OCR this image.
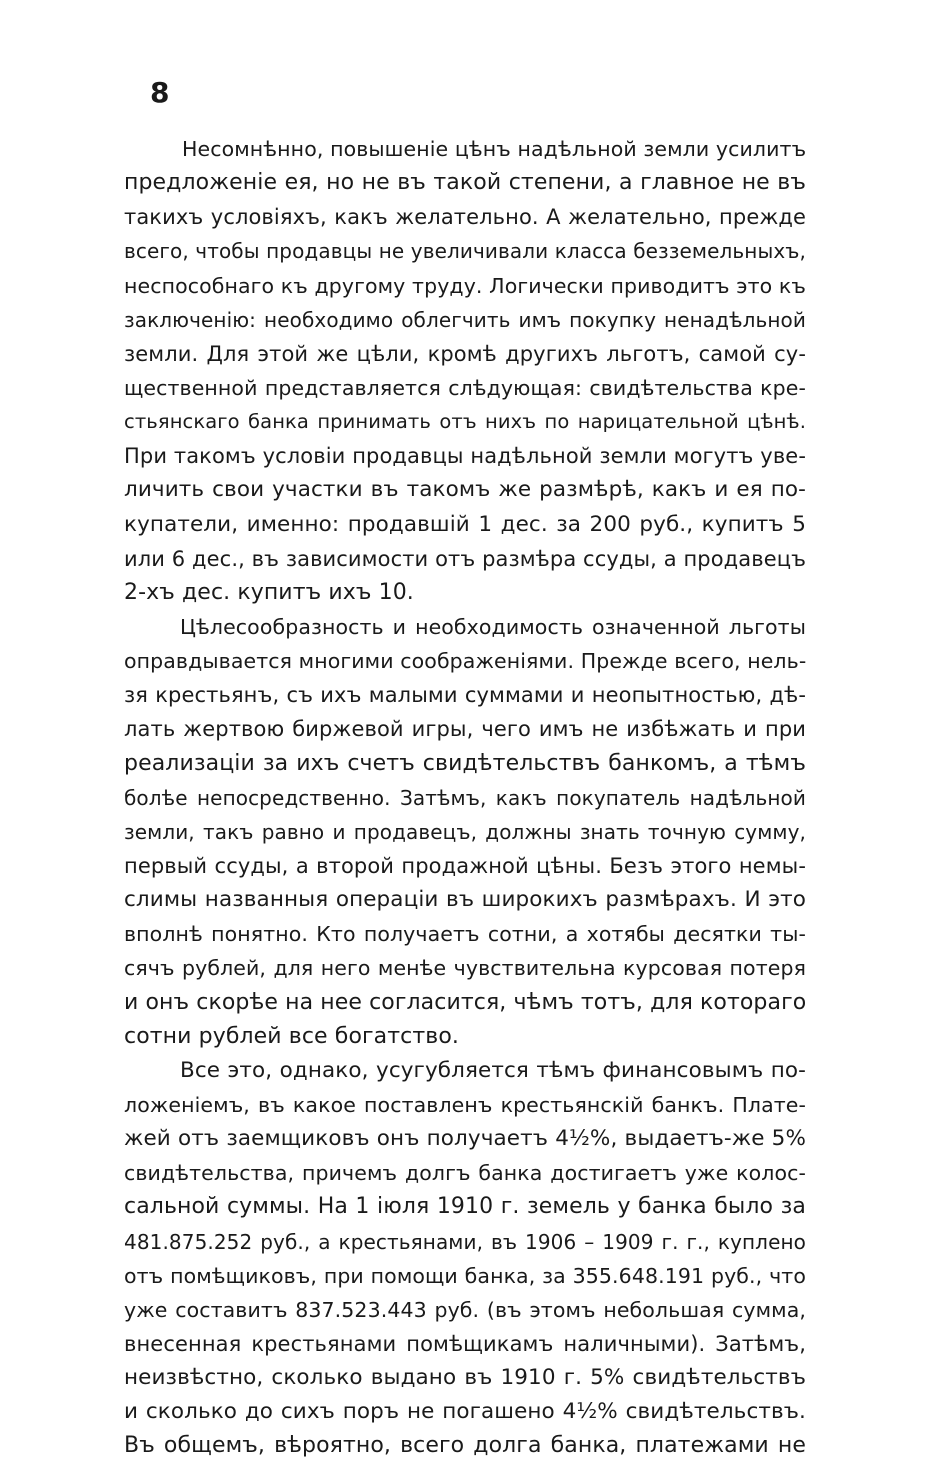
8
Несомнѣнно, повышеніе цѣнъ надѣльной земли усилитъ
предложеніе ея, но не въ такой степени, а главное не въ
такихъ условіяхъ, какъ желательно. А желательно, прежде
всего, чтобы продавцы не увеличивали класса безземельныхъ,
неспособнаго къ другому труду. Логически приводитъ это къ
заключенію: необходимо облегчить имъ покупку ненадѣльной
земли. Для этой же цѣли, кромѣ другихъ льготъ, самой су-
щественной представляется слѣдующая: свидѣтельства кре-
стьянскаго банка принимать отъ нихъ по нарицательной цѣнѣ.
При такомъ условіи продавцы надѣльной земли могутъ уве-
личить свои участки въ такомъ же размѣрѣ, какъ и ея по-
купатели, именно: продавшій 1 дес. за 200 руб., купитъ 5
или 6 дес., въ зависимости отъ размѣра ссуды, а продавецъ
2-хъ дес. купитъ ихъ 10.
Цѣлесообразность и необходимость означенной льготы
оправдывается многими соображеніями. Прежде всего, нель-
зя крестьянъ, съ ихъ малыми суммами и неопытностью, дѣ-
лать жертвою биржевой игры, чего имъ не избѣжать и при
реализаціи за ихъ счетъ свидѣтельствъ банкомъ, а тѣмъ
болѣе непосредственно. Затѣмъ, какъ покупатель надѣльной
земли, такъ равно и продавецъ, должны знать точную сумму,
первый ссуды, а второй продажной цѣны. Безъ этого немы-
слимы названныя операціи въ широкихъ размѣрахъ. И это
вполнѣ понятно. Кто получаетъ сотни, а хотябы десятки ты-
сячъ рублей, для него менѣе чувствительна курсовая потеря
и онъ скорѣе на нее согласится, чѣмъ тотъ, для котораго
сотни рублей все богатство.
Все это, однако, усугубляется тѣмъ финансовымъ по-
ложеніемъ, въ какое поставленъ крестьянскій банкъ. Плате-
жей отъ заемщиковъ онъ получаетъ 4½%, выдаетъ-же 5%
свидѣтельства, причемъ долгъ банка достигаетъ уже колос-
сальной суммы. На 1 іюля 1910 г. земель у банка было за
481.875.252 руб., а крестьянами, въ 1906 – 1909 г. г., куплено
отъ помѣщиковъ, при помощи банка, за 355.648.191 руб., что
уже составитъ 837.523.443 руб. (въ этомъ небольшая сумма,
внесенная крестьянами помѣщикамъ наличными). Затѣмъ,
неизвѣстно, сколько выдано въ 1910 г. 5% свидѣтельствъ
и сколько до сихъ поръ не погашено 4½% свидѣтельствъ.
Въ общемъ, вѣроятно, всего долга банка, платежами не
